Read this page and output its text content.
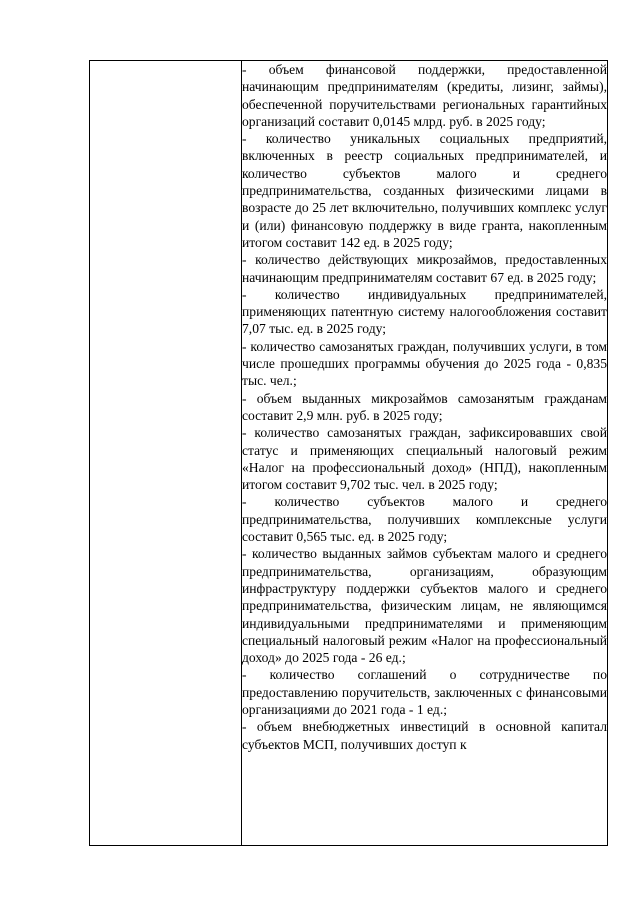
- объем финансовой поддержки, предоставленной начинающим предпринимателям (кредиты, лизинг, займы), обеспеченной поручительствами региональных гарантийных организаций составит 0,0145 млрд. руб. в 2025 году;

- количество уникальных социальных предприятий, включенных в реестр социальных предпринимателей, и количество субъектов малого и среднего предпринимательства, созданных физическими лицами в возрасте до 25 лет включительно, получивших комплекс услуг и (или) финансовую поддержку в виде гранта, накопленным итогом составит 142 ед. в 2025 году;

- количество действующих микрозаймов, предоставленных начинающим предпринимателям составит 67 ед. в 2025 году;

- количество индивидуальных предпринимателей, применяющих патентную систему налогообложения составит 7,07 тыс. ед. в 2025 году;

- количество самозанятых граждан, получивших услуги, в том числе прошедших программы обучения до 2025 года - 0,835 тыс. чел.;

- объем выданных микрозаймов самозанятым гражданам составит 2,9 млн. руб. в 2025 году;

- количество самозанятых граждан, зафиксировавших свой статус и применяющих специальный налоговый режим «Налог на профессиональный доход» (НПД), накопленным итогом составит 9,702 тыс. чел. в 2025 году;

- количество субъектов малого и среднего предпринимательства, получивших комплексные услуги составит 0,565 тыс. ед. в 2025 году;

- количество выданных займов субъектам малого и среднего предпринимательства, организациям, образующим инфраструктуру поддержки субъектов малого и среднего предпринимательства, физическим лицам, не являющимся индивидуальными предпринимателями и применяющим специальный налоговый режим «Налог на профессиональный доход» до 2025 года - 26 ед.;

- количество соглашений о сотрудничестве по предоставлению поручительств, заключенных с финансовыми организациями до 2021 года - 1 ед.;

- объем внебюджетных инвестиций в основной капитал субъектов МСП, получивших доступ к
